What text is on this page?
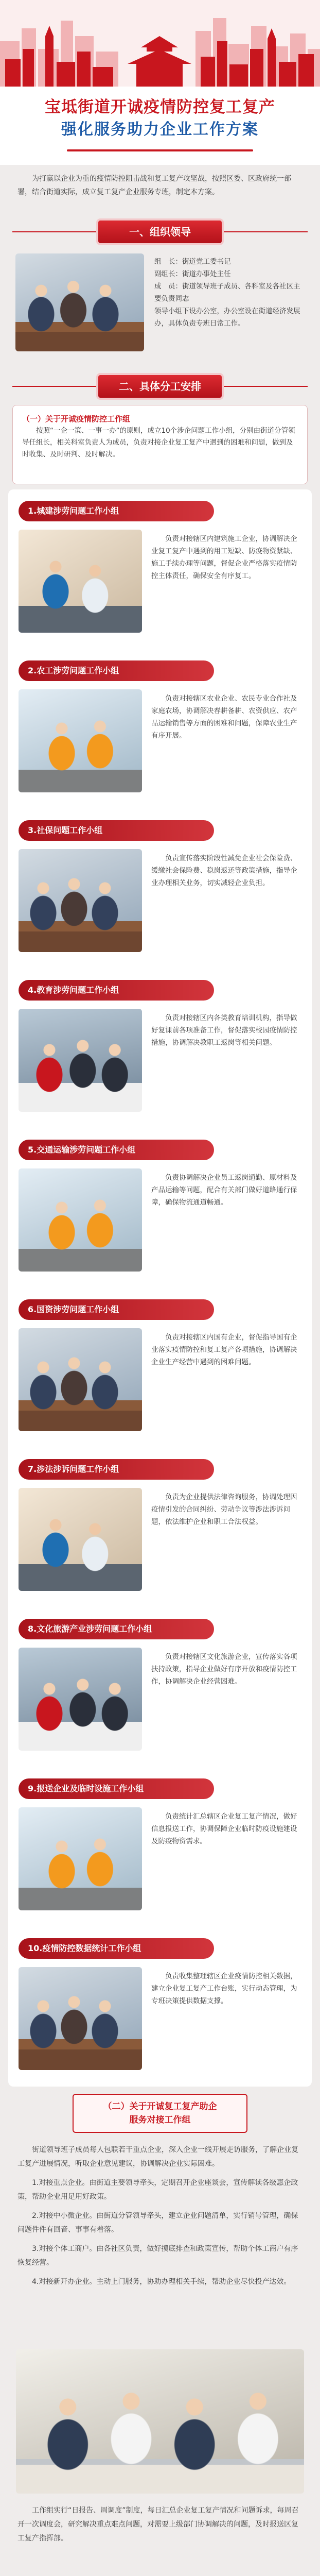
宝坻街道开诚疫情防控复工复产
强化服务助力企业工作方案
为打赢以企业为重的疫情防控阻击战和复工复产攻坚战，按照区委、区政府统一部署，结合街道实际，成立复工复产企业服务专班，制定本方案。
一、组织领导
组　长：街道党工委书记
副组长：街道办事处主任
成　员：街道领导班子成员、各科室及各社区主要负责同志
领导小组下设办公室，办公室设在街道经济发展办，具体负责专班日常工作。
二、具体分工安排
（一）关于开诚疫情防控工作组
按照“一企一策、一事一办”的原则，成立10个涉企问题工作小组，分别由街道分管领导任组长，相关科室负责人为成员，负责对接企业复工复产中遇到的困难和问题，做到及时收集、及时研判、及时解决。
1.城建涉劳问题工作小组
负责对接辖区内建筑施工企业，协调解决企业复工复产中遇到的用工短缺、防疫物资紧缺、施工手续办理等问题，督促企业严格落实疫情防控主体责任，确保安全有序复工。
2.农工涉劳问题工作小组
负责对接辖区农业企业、农民专业合作社及家庭农场，协调解决春耕备耕、农资供应、农产品运输销售等方面的困难和问题，保障农业生产有序开展。
3.社保问题工作小组
负责宣传落实阶段性减免企业社会保险费、缓缴社会保险费、稳岗返还等政策措施，指导企业办理相关业务，切实减轻企业负担。
4.教育涉劳问题工作小组
负责对接辖区内各类教育培训机构，指导做好复课前各项准备工作，督促落实校园疫情防控措施，协调解决教职工返岗等相关问题。
5.交通运输涉劳问题工作小组
负责协调解决企业员工返岗通勤、原材料及产品运输等问题，配合有关部门做好道路通行保障，确保物流通道畅通。
6.国资涉劳问题工作小组
负责对接辖区内国有企业，督促指导国有企业落实疫情防控和复工复产各项措施，协调解决企业生产经营中遇到的困难问题。
7.涉法涉诉问题工作小组
负责为企业提供法律咨询服务，协调处理因疫情引发的合同纠纷、劳动争议等涉法涉诉问题，依法维护企业和职工合法权益。
8.文化旅游产业涉劳问题工作小组
负责对接辖区文化旅游企业，宣传落实各项扶持政策，指导企业做好有序开放和疫情防控工作，协调解决企业经营困难。
9.报送企业及临时设施工作小组
负责统计汇总辖区企业复工复产情况，做好信息报送工作，协调保障企业临时防疫设施建设及防疫物资需求。
10.疫情防控数据统计工作小组
负责收集整理辖区企业疫情防控相关数据，建立企业复工复产工作台账，实行动态管理，为专班决策提供数据支撑。
（二）关于开诚复工复产助企
服务对接工作组

街道领导班子成员每人包联若干重点企业，深入企业一线开展走访服务，了解企业复工复产进展情况，听取企业意见建议，协调解决企业实际困难。

1.对接重点企业。由街道主要领导牵头，定期召开企业座谈会，宣传解读各级惠企政策，帮助企业用足用好政策。

2.对接中小微企业。由街道分管领导牵头，建立企业问题清单，实行销号管理，确保问题件件有回音、事事有着落。

3.对接个体工商户。由各社区负责，做好摸底排查和政策宣传，帮助个体工商户有序恢复经营。

4.对接新开办企业。主动上门服务，协助办理相关手续，帮助企业尽快投产达效。

工作组实行“日报告、周调度”制度，每日汇总企业复工复产情况和问题诉求，每周召开一次调度会，研究解决重点难点问题，对需要上级部门协调解决的问题，及时报送区复工复产指挥部。
